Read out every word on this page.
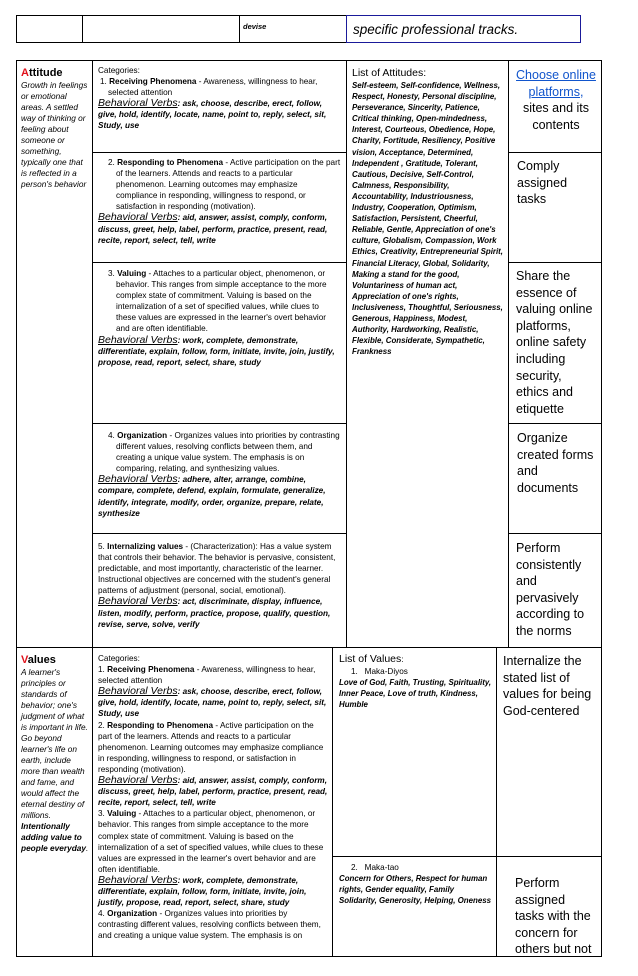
devise	specific professional tracks.
Attitude
Growth in feelings or emotional areas. A settled way of thinking or feeling about someone or something, typically one that is reflected in a person's behavior
Categories:
1. Receiving Phenomena - Awareness, willingness to hear, selected attention
Behavioral Verbs: ask, choose, describe, erect, follow, give, hold, identify, locate, name, point to, reply, select, sit, Study, use
2. Responding to Phenomena - Active participation on the part of the learners. Attends and reacts to a particular phenomenon. Learning outcomes may emphasize compliance in responding, willingness to respond, or satisfaction in responding (motivation).
Behavioral Verbs: aid, answer, assist, comply, conform, discuss, greet, help, label, perform, practice, present, read, recite, report, select, tell, write
3. Valuing - Attaches to a particular object, phenomenon, or behavior. This ranges from simple acceptance to the more complex state of commitment. Valuing is based on the internalization of a set of specified values, while clues to these values are expressed in the learner's overt behavior and are often identifiable.
Behavioral Verbs: work, complete, demonstrate, differentiate, explain, follow, form, initiate, invite, join, justify, propose, read, report, select, share, study
4. Organization - Organizes values into priorities by contrasting different values, resolving conflicts between them, and creating a unique value system. The emphasis is on comparing, relating, and synthesizing values.
Behavioral Verbs: adhere, alter, arrange, combine, compare, complete, defend, explain, formulate, generalize, identify, integrate, modify, order, organize, prepare, relate, synthesize
5. Internalizing values - (Characterization): Has a value system that controls their behavior. The behavior is pervasive, consistent, predictable, and most importantly, characteristic of the learner. Instructional objectives are concerned with the student's general patterns of adjustment (personal, social, emotional).
Behavioral Verbs: act, discriminate, display, influence, listen, modify, perform, practice, propose, qualify, question, revise, serve, solve, verify
List of Attitudes:
Self-esteem, Self-confidence, Wellness, Respect, Honesty, Personal discipline, Perseverance, Sincerity, Patience, Critical thinking, Open-mindedness, Interest, Courteous, Obedience, Hope, Charity, Fortitude, Resiliency, Positive vision, Acceptance, Determined, Independent , Gratitude, Tolerant, Cautious, Decisive, Self-Control, Calmness, Responsibility, Accountability, Industriousness, Industry, Cooperation, Optimism, Satisfaction, Persistent, Cheerful, Reliable, Gentle, Appreciation of one's culture, Globalism, Compassion, Work Ethics, Creativity, Entrepreneurial Spirit, Financial Literacy, Global, Solidarity, Making a stand for the good, Voluntariness of human act, Appreciation of one's rights, Inclusiveness, Thoughtful, Seriousness, Generous, Happiness, Modest, Authority, Hardworking, Realistic, Flexible, Considerate, Sympathetic, Frankness
Choose online platforms, sites and its contents
Comply assigned tasks
Share the essence of valuing online platforms, online safety including security, ethics and etiquette
Organize created forms and documents
Perform consistently and pervasively according to the norms
Values
A learner's principles or standards of behavior; one's judgment of what is important in life.
Go beyond learner's life on earth, include more than wealth and fame, and would affect the eternal destiny of millions.
Intentionally adding value to people everyday.
Categories:
1. Receiving Phenomena - Awareness, willingness to hear, selected attention
Behavioral Verbs: ask, choose, describe, erect, follow, give, hold, identify, locate, name, point to, reply, select, sit, Study, use
2. Responding to Phenomena - Active participation on the part of the learners. Attends and reacts to a particular phenomenon. Learning outcomes may emphasize compliance in responding, willingness to respond, or satisfaction in responding (motivation).
Behavioral Verbs: aid, answer, assist, comply, conform, discuss, greet, help, label, perform, practice, present, read, recite, report, select, tell, write
3. Valuing - Attaches to a particular object, phenomenon, or behavior. This ranges from simple acceptance to the more complex state of commitment. Valuing is based on the internalization of a set of specified values, while clues to these values are expressed in the learner's overt behavior and are often identifiable.
Behavioral Verbs: work, complete, demonstrate, differentiate, explain, follow, form, initiate, invite, join, justify, propose, read, report, select, share, study
4. Organization - Organizes values into priorities by contrasting different values, resolving conflicts between them, and creating a unique value system. The emphasis is on
List of Values:
1. Maka-Diyos
Love of God, Faith, Trusting, Spirituality, Inner Peace, Love of truth, Kindness, Humble
2. Maka-tao
Concern for Others, Respect for human rights, Gender equality, Family Solidarity, Generosity, Helping, Oneness
Internalize the stated list of values for being God-centered
Perform assigned tasks with the concern for others but not
